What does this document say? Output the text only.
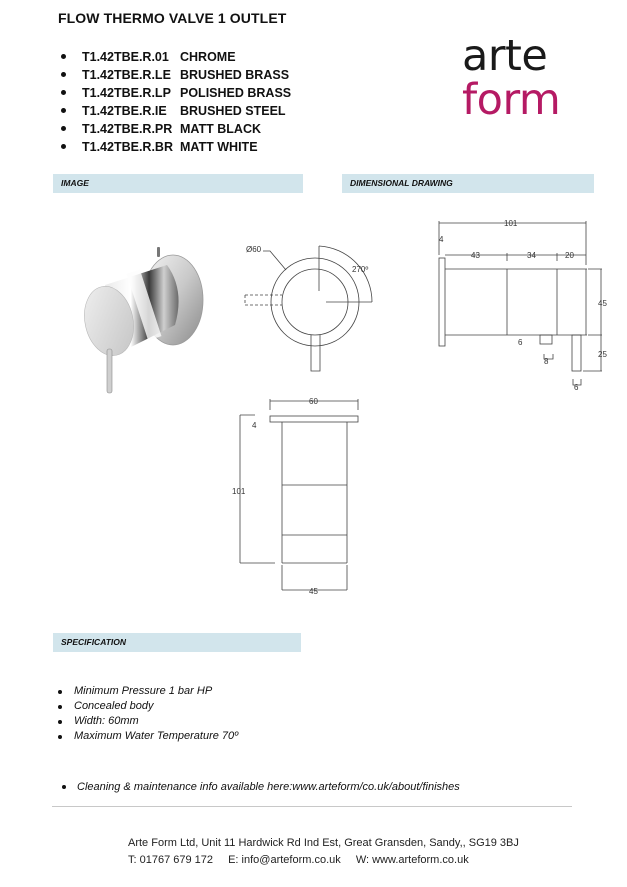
FLOW THERMO VALVE 1 OUTLET
T1.42TBE.R.01 CHROME
T1.42TBE.R.LE BRUSHED BRASS
T1.42TBE.R.LP POLISHED BRASS
T1.42TBE.R.IE	BRUSHED STEEL
T1.42TBE.R.PR MATT BLACK
T1.42TBE.R.BR MATT WHITE
arte
form
IMAGE	DIMENSIONAL DRAWING
Ø60
270º
101
4
43	34	20
45
25
6
8
6
60
4
101
45
SPECIFICATION
Minimum Pressure 1 bar HP
Concealed body
Width: 60mm
Maximum Water Temperature 70º
Cleaning & maintenance info available here:www.arteform/co.uk/about/finishes
Arte Form Ltd, Unit 11 Hardwick Rd Ind Est, Great Gransden, Sandy,, SG19 3BJ
T: 01767 679 172 E: info@arteform.co.uk W: www.arteform.co.uk
